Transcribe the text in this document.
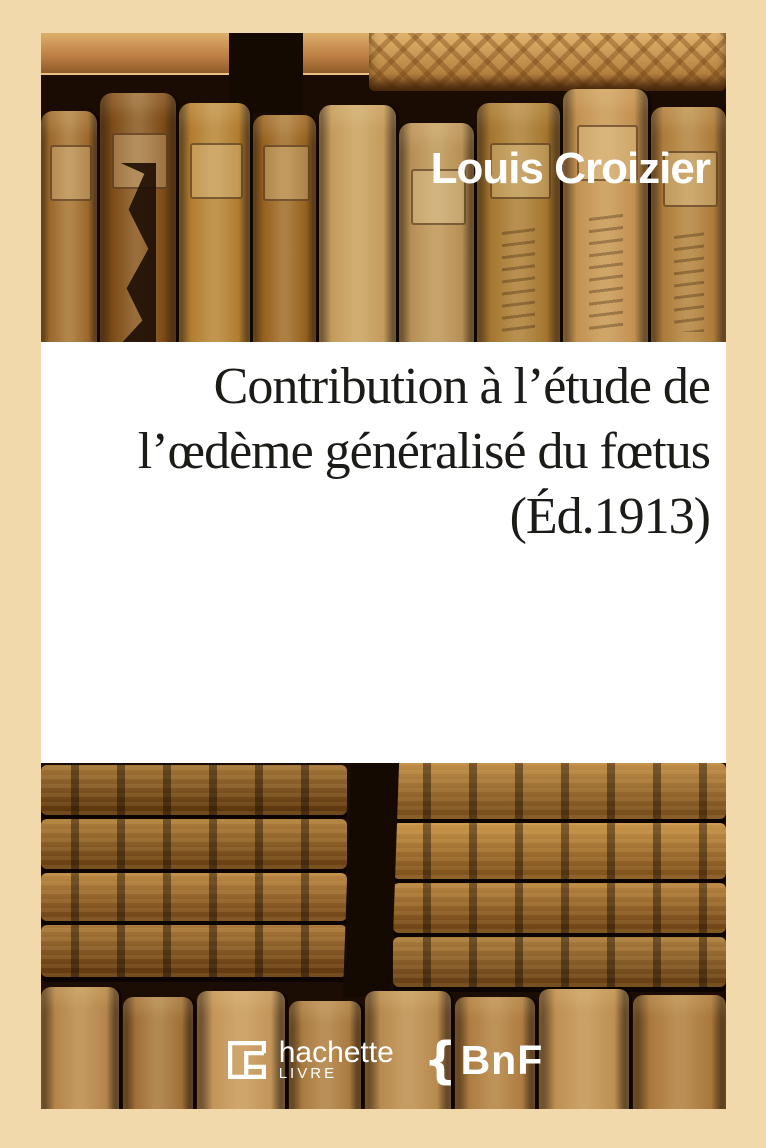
Louis Croizier
Contribution à l’étude de
l’œdème généralisé du fœtus
(Éd.1913)
hachette
LIVRE	{ BnF
